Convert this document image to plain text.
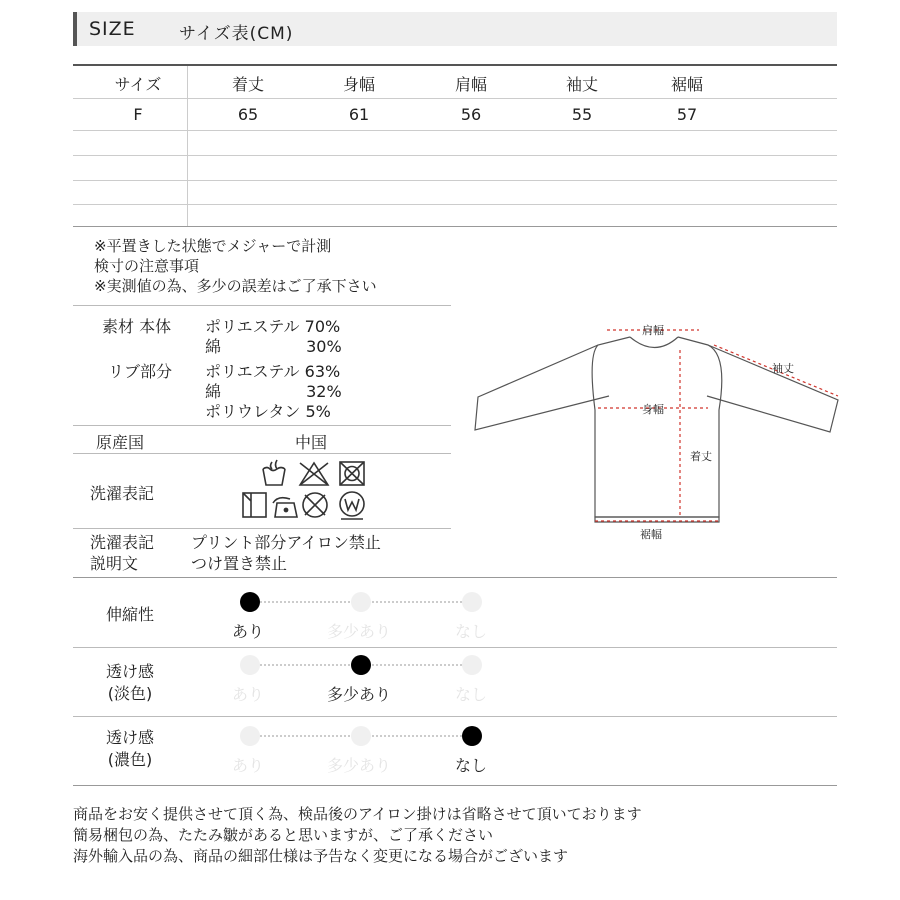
SIZE	サイズ表(CM)
サイズ	着丈	身幅	肩幅	袖丈	裾幅
F	65	61	56	55	57
※平置きした状態でメジャーで計測
検寸の注意事項
※実測値の為、多少の誤差はご了承下さい
素材 本体 ポリエステル 70%
綿　　　　　 30%
リブ部分 ポリエステル 63%
綿　　　　　 32%
ポリウレタン 5%
原産国	中国
洗濯表記
洗濯表記
説明文
プリント部分アイロン禁止
つけ置き禁止
肩幅
袖丈
身幅
着丈
裾幅
伸縮性
あり	多少あり	なし
透け感
(淡色)	あり	多少あり	なし
透け感
(濃色)	あり	多少あり	なし
商品をお安く提供させて頂く為、検品後のアイロン掛けは省略させて頂いております
簡易梱包の為、たたみ皺があると思いますが、ご了承ください
海外輸入品の為、商品の細部仕様は予告なく変更になる場合がございます
